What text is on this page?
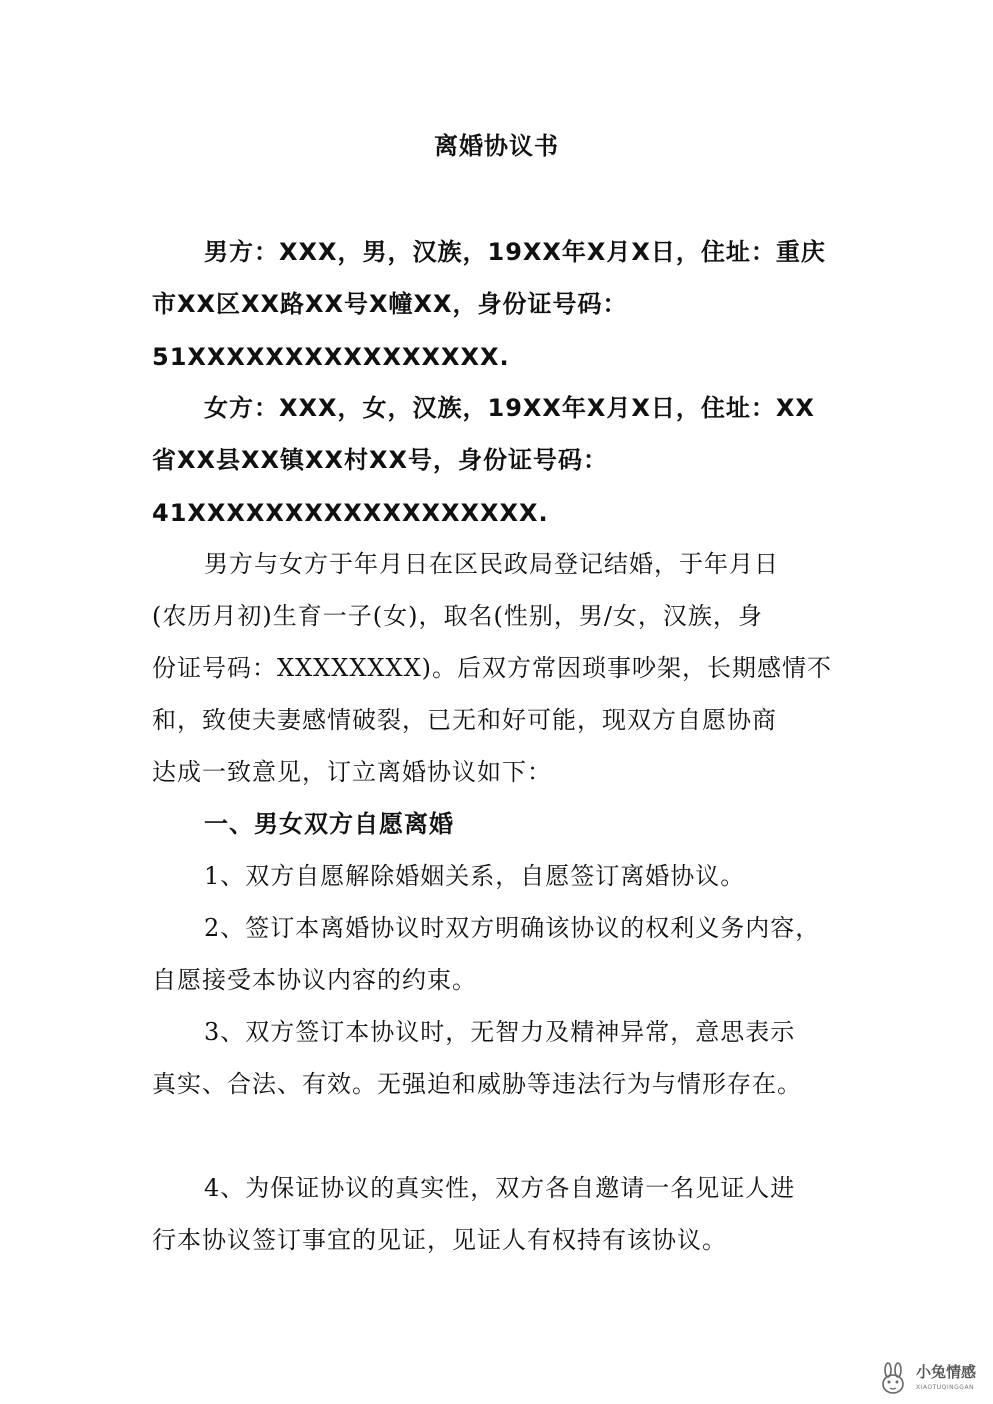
离婚协议书
男方：XXX，男，汉族，19XX年X月X日，住址：重庆
市XX区XX路XX号X幢XX，身份证号码：
51XXXXXXXXXXXXXXXX.
女方：XXX，女，汉族，19XX年X月X日，住址：XX
省XX县XX镇XX村XX号，身份证号码：
41XXXXXXXXXXXXXXXXXX.
男方与女方于年月日在区民政局登记结婚，于年月日
(农历月初)生育一子(女)，取名(性别，男/女，汉族，身
份证号码：XXXXXXXX)。后双方常因琐事吵架，长期感情不
和，致使夫妻感情破裂，已无和好可能，现双方自愿协商
达成一致意见，订立离婚协议如下：
一、男女双方自愿离婚
1、双方自愿解除婚姻关系，自愿签订离婚协议。
2、签订本离婚协议时双方明确该协议的权利义务内容，
自愿接受本协议内容的约束。
3、双方签订本协议时，无智力及精神异常，意思表示
真实、合法、有效。无强迫和威胁等违法行为与情形存在。
4、为保证协议的真实性，双方各自邀请一名见证人进
行本协议签订事宜的见证，见证人有权持有该协议。
小兔情感
XIAOTUQINGGAN
